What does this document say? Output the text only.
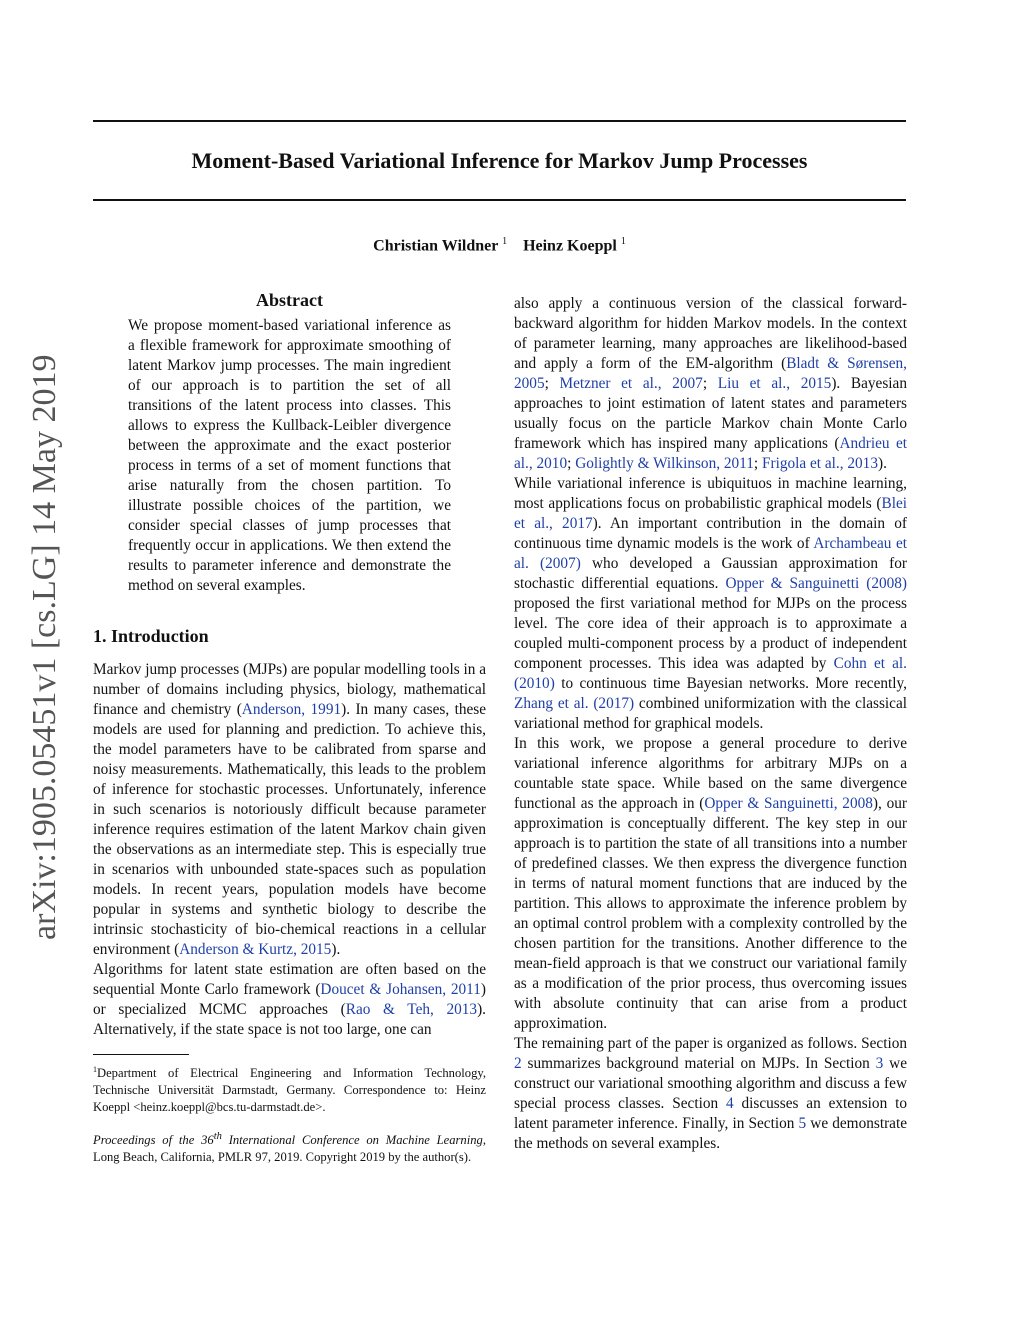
Moment-Based Variational Inference for Markov Jump Processes
Christian Wildner $^1$ Heinz Koeppl $^1$
arXiv:1905.05451v1 [cs.LG] 14 May 2019
Abstract

We propose moment-based variational inference as a flexible framework for approximate smoothing of latent Markov jump processes. The main ingredient of our approach is to partition the set of all transitions of the latent process into classes. This allows to express the Kullback-Leibler divergence between the approximate and the exact posterior process in terms of a set of moment functions that arise naturally from the chosen partition. To illustrate possible choices of the partition, we consider special classes of jump processes that frequently occur in applications. We then extend the results to parameter inference and demonstrate the method on several examples.

1. Introduction

Markov jump processes (MJPs) are popular modelling tools in a number of domains including physics, biology, mathematical finance and chemistry (Anderson, 1991). In many cases, these models are used for planning and prediction. To achieve this, the model parameters have to be calibrated from sparse and noisy measurements. Mathematically, this leads to the problem of inference for stochastic processes. Unfortunately, inference in such scenarios is notoriously difficult because parameter inference requires estimation of the latent Markov chain given the observations as an intermediate step. This is especially true in scenarios with unbounded state-spaces such as population models. In recent years, population models have become popular in systems and synthetic biology to describe the intrinsic stochasticity of bio-chemical reactions in a cellular environment (Anderson & Kurtz, 2015).

Algorithms for latent state estimation are often based on the sequential Monte Carlo framework (Doucet & Johansen, 2011) or specialized MCMC approaches (Rao & Teh, 2013). Alternatively, if the state space is not too large, one can

$^1$Department of Electrical Engineering and Information Technology, Technische Universität Darmstadt, Germany. Correspondence to: Heinz Koeppl <heinz.koeppl@bcs.tu-darmstadt.de>.

Proceedings of the 36th International Conference on Machine Learning, Long Beach, California, PMLR 97, 2019. Copyright 2019 by the author(s).

also apply a continuous version of the classical forward-backward algorithm for hidden Markov models. In the context of parameter learning, many approaches are likelihood-based and apply a form of the EM-algorithm (Bladt & Sørensen, 2005; Metzner et al., 2007; Liu et al., 2015). Bayesian approaches to joint estimation of latent states and parameters usually focus on the particle Markov chain Monte Carlo framework which has inspired many applications (Andrieu et al., 2010; Golightly & Wilkinson, 2011; Frigola et al., 2013).

While variational inference is ubiquituos in machine learning, most applications focus on probabilistic graphical models (Blei et al., 2017). An important contribution in the domain of continuous time dynamic models is the work of Archambeau et al. (2007) who developed a Gaussian approximation for stochastic differential equations. Opper & Sanguinetti (2008) proposed the first variational method for MJPs on the process level. The core idea of their approach is to approximate a coupled multi-component process by a product of independent component processes. This idea was adapted by Cohn et al. (2010) to continuous time Bayesian networks. More recently, Zhang et al. (2017) combined uniformization with the classical variational method for graphical models.

In this work, we propose a general procedure to derive variational inference algorithms for arbitrary MJPs on a countable state space. While based on the same divergence functional as the approach in (Opper & Sanguinetti, 2008), our approximation is conceptually different. The key step in our approach is to partition the state of all transitions into a number of predefined classes. We then express the divergence function in terms of natural moment functions that are induced by the partition. This allows to approximate the inference problem by an optimal control problem with a complexity controlled by the chosen partition for the transitions. Another difference to the mean-field approach is that we construct our variational family as a modification of the prior process, thus overcoming issues with absolute continuity that can arise from a product approximation.

The remaining part of the paper is organized as follows. Section 2 summarizes background material on MJPs. In Section 3 we construct our variational smoothing algorithm and discuss a few special process classes. Section 4 discusses an extension to latent parameter inference. Finally, in Section 5 we demonstrate the methods on several examples.
